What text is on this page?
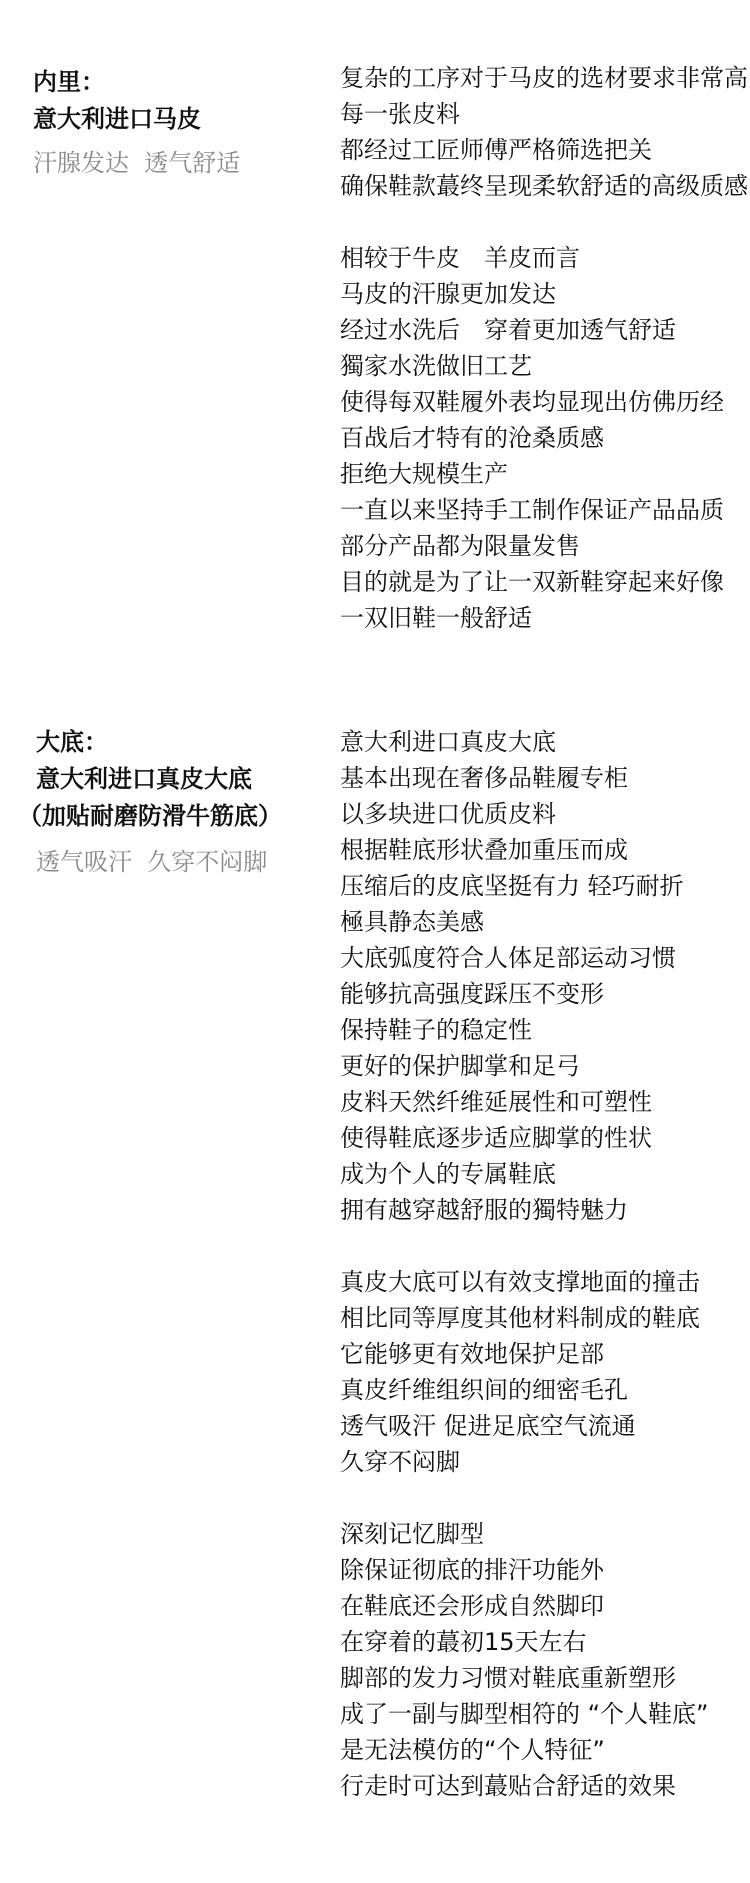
内里：
意大利进口马皮
汗腺发达  透气舒适
复杂的工序对于马皮的选材要求非常高
每一张皮料
都经过工匠师傅严格筛选把关
确保鞋款蕞终呈现柔软舒适的高级质感
相较于牛皮　羊皮而言
马皮的汗腺更加发达
经过水洗后　穿着更加透气舒适
獨家水洗做旧工艺
使得每双鞋履外表均显现出仿佛历经
百战后才特有的沧桑质感
拒绝大规模生产
一直以来坚持手工制作保证产品品质
部分产品都为限量发售
目的就是为了让一双新鞋穿起来好像
一双旧鞋一般舒适
大底：
意大利进口真皮大底
（加贴耐磨防滑牛筋底）
透气吸汗  久穿不闷脚
意大利进口真皮大底
基本出现在奢侈品鞋履专柜
以多块进口优质皮料
根据鞋底形状叠加重压而成
压缩后的皮底坚挺有力 轻巧耐折
極具静态美感
大底弧度符合人体足部运动习惯
能够抗高强度踩压不变形
保持鞋子的稳定性
更好的保护脚掌和足弓
皮料天然纤维延展性和可塑性
使得鞋底逐步适应脚掌的性状
成为个人的专属鞋底
拥有越穿越舒服的獨特魅力
真皮大底可以有效支撑地面的撞击
相比同等厚度其他材料制成的鞋底
它能够更有效地保护足部
真皮纤维组织间的细密毛孔
透气吸汗 促进足底空气流通
久穿不闷脚
深刻记忆脚型
除保证彻底的排汗功能外
在鞋底还会形成自然脚印
在穿着的蕞初15天左右
脚部的发力习惯对鞋底重新塑形
成了一副与脚型相符的 “个人鞋底”
是无法模仿的“个人特征”
行走时可达到蕞贴合舒适的效果
